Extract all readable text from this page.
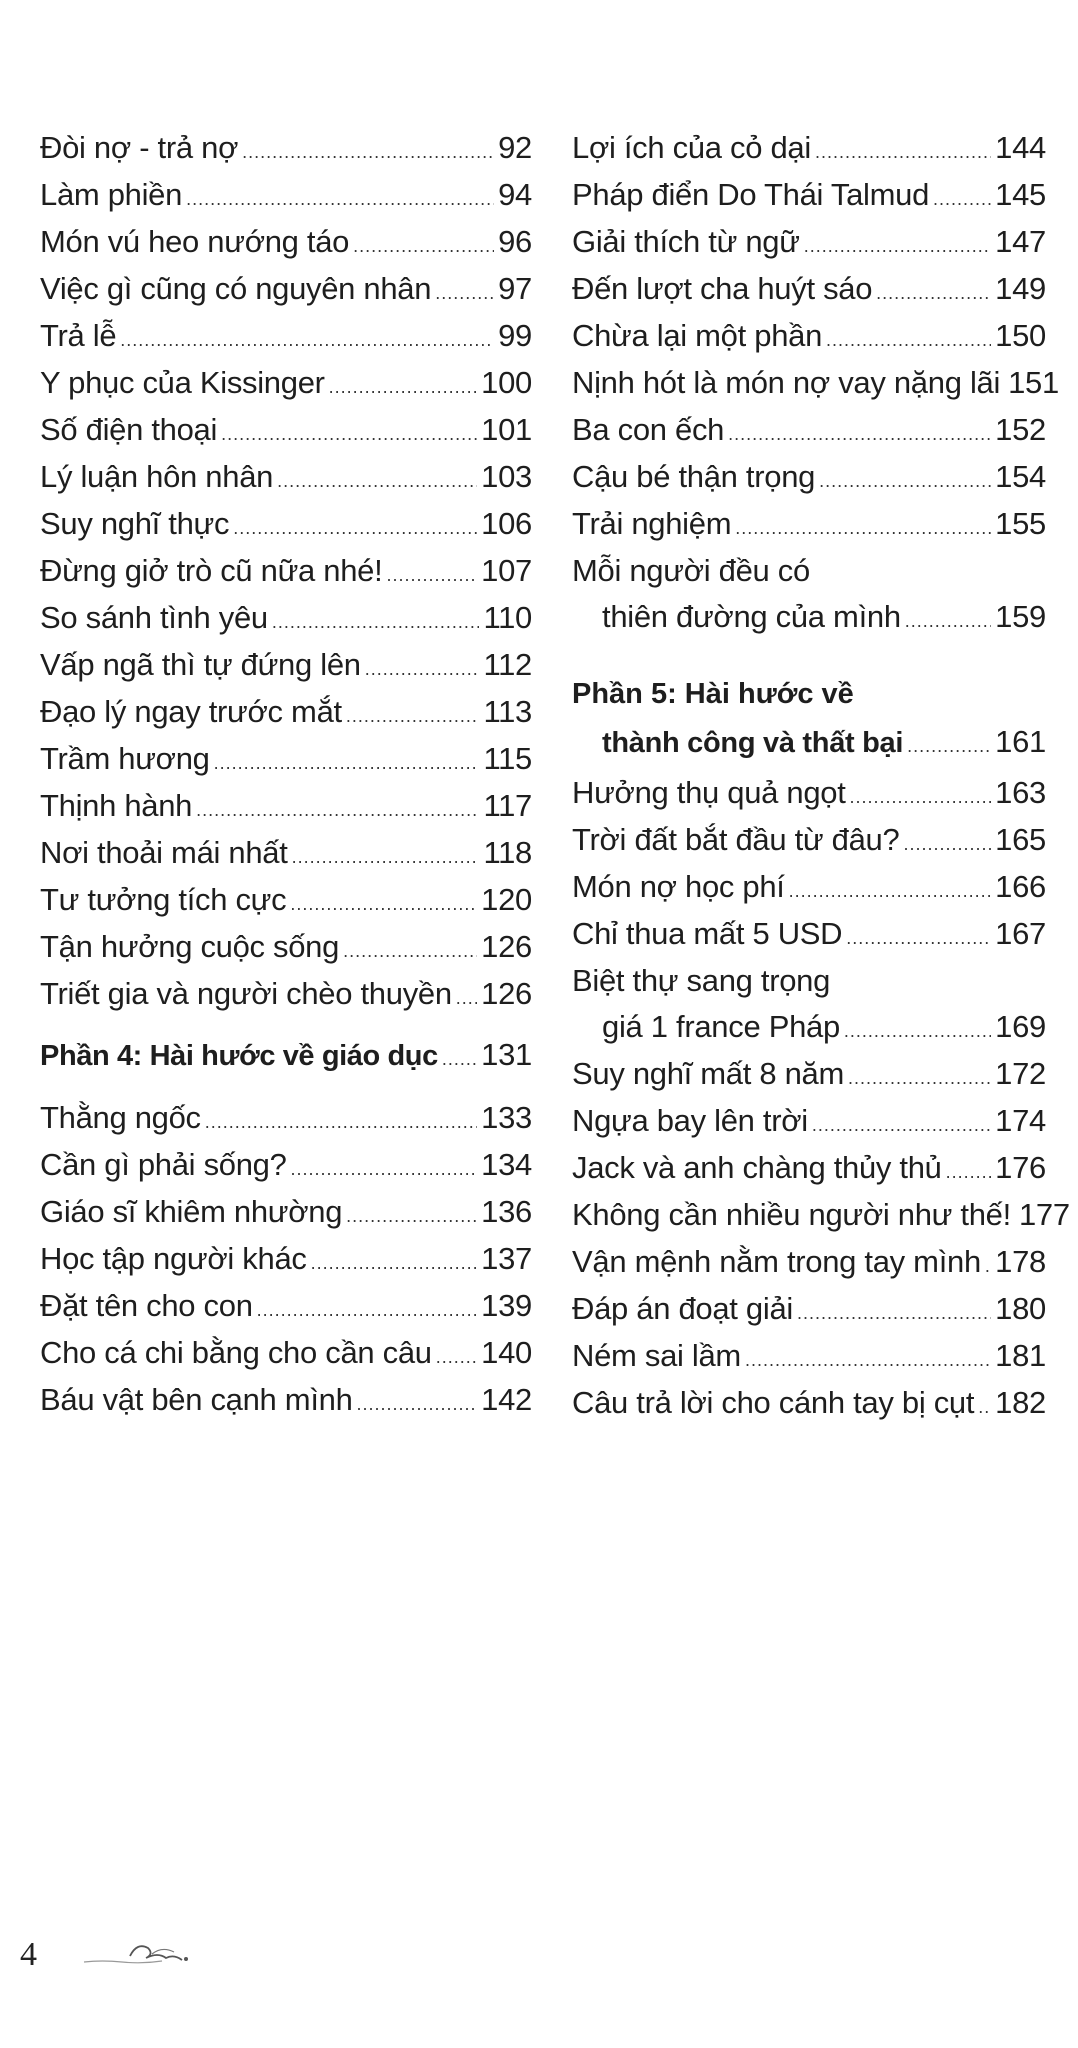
Đòi nợ - trả nợ .....	92
Làm phiền .....	94
Món vú heo nướng táo .....	96
Việc gì cũng có nguyên nhân ..... 97
Trả lễ .....	99
Y phục của Kissinger .....	100
Số điện thoại .....	101
Lý luận hôn nhân .....	103
Suy nghĩ thực .....	106
Đừng giở trò cũ nữa nhé! .....	107
So sánh tình yêu .....	110
Vấp ngã thì tự đứng lên .....	112
Đạo lý ngay trước mắt .....	113
Trầm hương .....	115
Thịnh hành .....	117
Nơi thoải mái nhất .....	118
Tư tưởng tích cực .....	120
Tận hưởng cuộc sống .....	126
Triết gia và người chèo thuyền ..... 126
Phần 4: Hài hước về giáo dục ..... 131
Thằng ngốc .....	133
Cần gì phải sống? .....	134
Giáo sĩ khiêm nhường .....	136
Học tập người khác .....	137
Đặt tên cho con .....	139
Cho cá chi bằng cho cần câu ..... 140
Báu vật bên cạnh mình .....	142
Lợi ích của cỏ dại .....	144
Pháp điển Do Thái Talmud ..... 145
Giải thích từ ngữ .....	147
Đến lượt cha huýt sáo .....	149
Chừa lại một phần .....	150
Nịnh hót là món nợ vay nặng lãi 151
Ba con ếch .....	152
Cậu bé thận trọng .....	154
Trải nghiệm .....	155
Mỗi người đều có
thiên đường của mình .....	159
Phần 5: Hài hước về
thành công và thất bại .....	161
Hưởng thụ quả ngọt .....	163
Trời đất bắt đầu từ đâu? .....	165
Món nợ học phí .....	166
Chỉ thua mất 5 USD .....	167
Biệt thự sang trọng
giá 1 france Pháp .....	169
Suy nghĩ mất 8 năm .....	172
Ngựa bay lên trời .....	174
Jack và anh chàng thủy thủ ..... 176
Không cần nhiều người như thế! 177
Vận mệnh nằm trong tay mình ..... 178
Đáp án đoạt giải .....	180
Ném sai lầm .....	181
Câu trả lời cho cánh tay bị cụt ..... 182
4
